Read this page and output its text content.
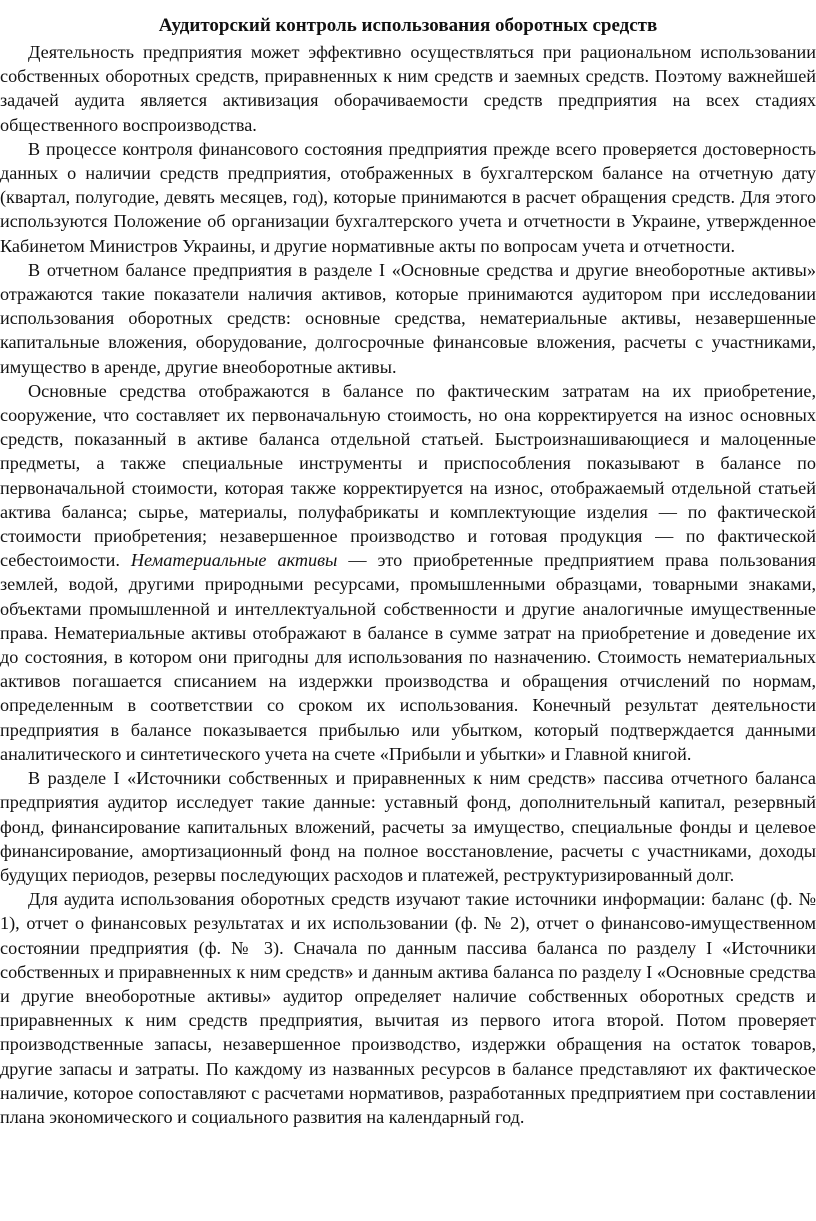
Аудиторский контроль использования оборотных средств

Деятельность предприятия может эффективно осуществляться при рациональном использовании собственных оборотных средств, приравненных к ним средств и заемных средств. Поэтому важнейшей задачей аудита является активизация оборачиваемости средств предприятия на всех стадиях общественного воспроизводства.

В процессе контроля финансового состояния предприятия прежде всего проверяется достоверность данных о наличии средств предприятия, отображенных в бухгалтерском балансе на отчетную дату (квартал, полугодие, девять месяцев, год), которые принимаются в расчет обращения средств. Для этого используются Положение об организации бухгалтерского учета и отчетности в Украине, утвержденное Кабинетом Министров Украины, и другие нормативные акты по вопросам учета и отчетности.

В отчетном балансе предприятия в разделе I «Основные средства и другие внеоборотные активы» отражаются такие показатели наличия активов, которые принимаются аудитором при исследовании использования оборотных средств: основные средства, нематериальные активы, незавершенные капитальные вложения, оборудование, долгосрочные финансовые вложения, расчеты с участниками, имущество в аренде, другие внеоборотные активы.

Основные средства отображаются в балансе по фактическим затратам на их приобретение, сооружение, что составляет их первоначальную стоимость, но она корректируется на износ основных средств, показанный в активе баланса отдельной статьей. Быстроизнашивающиеся и малоценные предметы, а также специальные инструменты и приспособления показывают в балансе по первоначальной стоимости, которая также корректируется на износ, отображаемый отдельной статьей актива баланса; сырье, материалы, полуфабрикаты и комплектующие изделия — по фактической стоимости приобретения; незавершенное производство и готовая продукция — по фактической себестоимости. Нематериальные активы — это приобретенные предприятием права пользования землей, водой, другими природными ресурсами, промышленными образцами, товарными знаками, объектами промышленной и интеллектуальной собственности и другие аналогичные имущественные права. Нематериальные активы отображают в балансе в сумме затрат на приобретение и доведение их до состояния, в котором они пригодны для использования по назначению. Стоимость нематериальных активов погашается списанием на издержки производства и обращения отчислений по нормам, определенным в соответствии со сроком их использования. Конечный результат деятельности предприятия в балансе показывается прибылью или убытком, который подтверждается данными аналитического и синтетического учета на счете «Прибыли и убытки» и Главной книгой.

В разделе I «Источники собственных и приравненных к ним средств» пассива отчетного баланса предприятия аудитор исследует такие данные: уставный фонд, дополнительный капитал, резервный фонд, финансирование капитальных вложений, расчеты за имущество, специальные фонды и целевое финансирование, амортизационный фонд на полное восстановление, расчеты с участниками, доходы будущих периодов, резервы последующих расходов и платежей, реструктуризированный долг.

Для аудита использования оборотных средств изучают такие источники информации: баланс (ф. № 1), отчет о финансовых результатах и их использовании (ф. № 2), отчет о финансово-имущественном состоянии предприятия (ф. № 3). Сначала по данным пассива баланса по разделу I «Источники собственных и приравненных к ним средств» и данным актива баланса по разделу I «Основные средства и другие внеоборотные активы» аудитор определяет наличие собственных оборотных средств и приравненных к ним средств предприятия, вычитая из первого итога второй. Потом проверяет производственные запасы, незавершенное производство, издержки обращения на остаток товаров, другие запасы и затраты. По каждому из названных ресурсов в балансе представляют их фактическое наличие, которое сопоставляют с расчетами нормативов, разработанных предприятием при составлении плана экономического и социального развития на календарный год.
